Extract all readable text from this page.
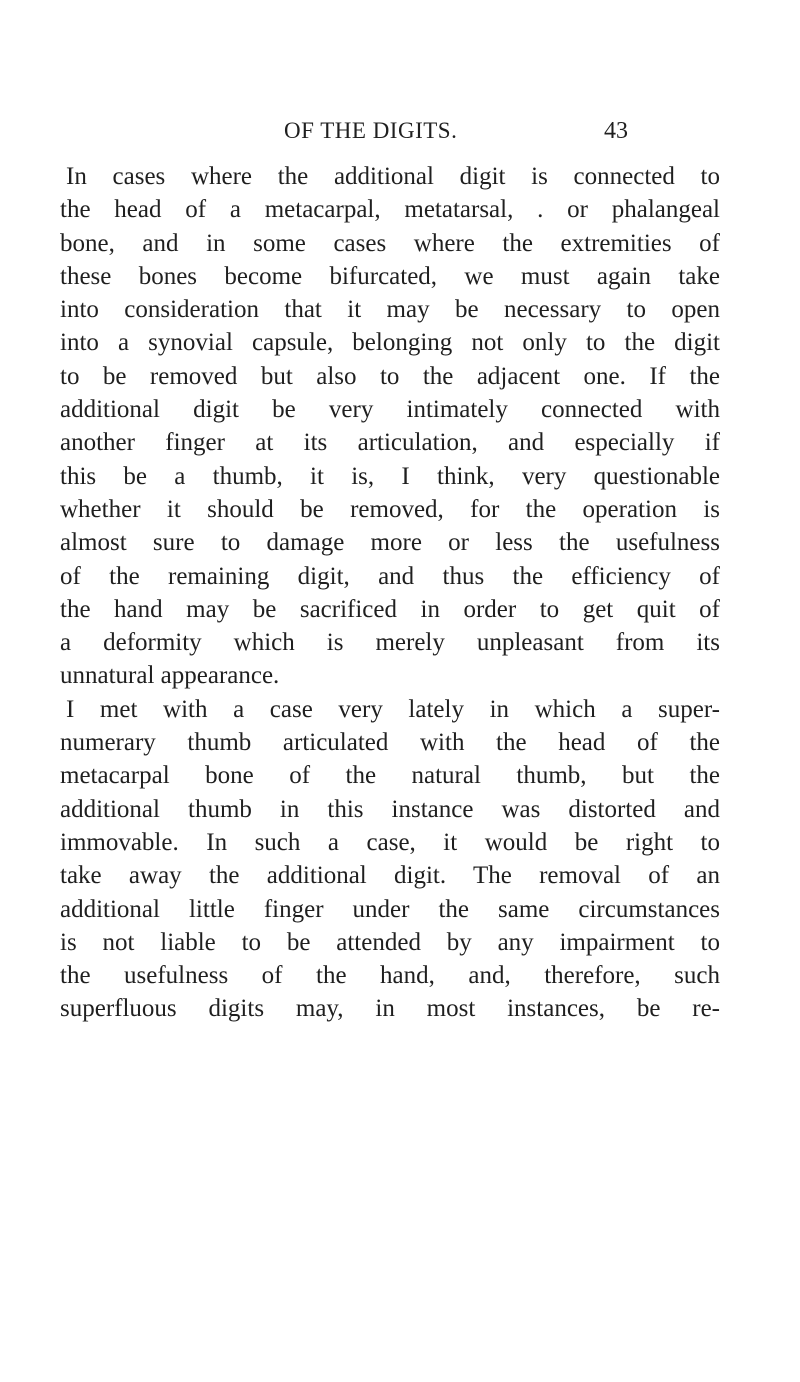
OF THE DIGITS.	43
In cases where the additional digit is connected to
the head of a metacarpal, metatarsal, . or phalangeal
bone, and in some cases where the extremities of
these bones become bifurcated, we must again take
into consideration that it may be necessary to open
into a synovial capsule, belonging not only to the digit
to be removed but also to the adjacent one. If the
additional digit be very intimately connected with
another finger at its articulation, and especially if
this be a thumb, it is, I think, very questionable
whether it should be removed, for the operation is
almost sure to damage more or less the usefulness
of the remaining digit, and thus the efficiency of
the hand may be sacrificed in order to get quit of
a deformity which is merely unpleasant from its
unnatural appearance.
I met with a case very lately in which a super-
numerary thumb articulated with the head of the
metacarpal bone of the natural thumb, but the
additional thumb in this instance was distorted and
immovable. In such a case, it would be right to
take away the additional digit. The removal of an
additional little finger under the same circumstances
is not liable to be attended by any impairment to
the usefulness of the hand, and, therefore, such
superfluous digits may, in most instances, be re-
